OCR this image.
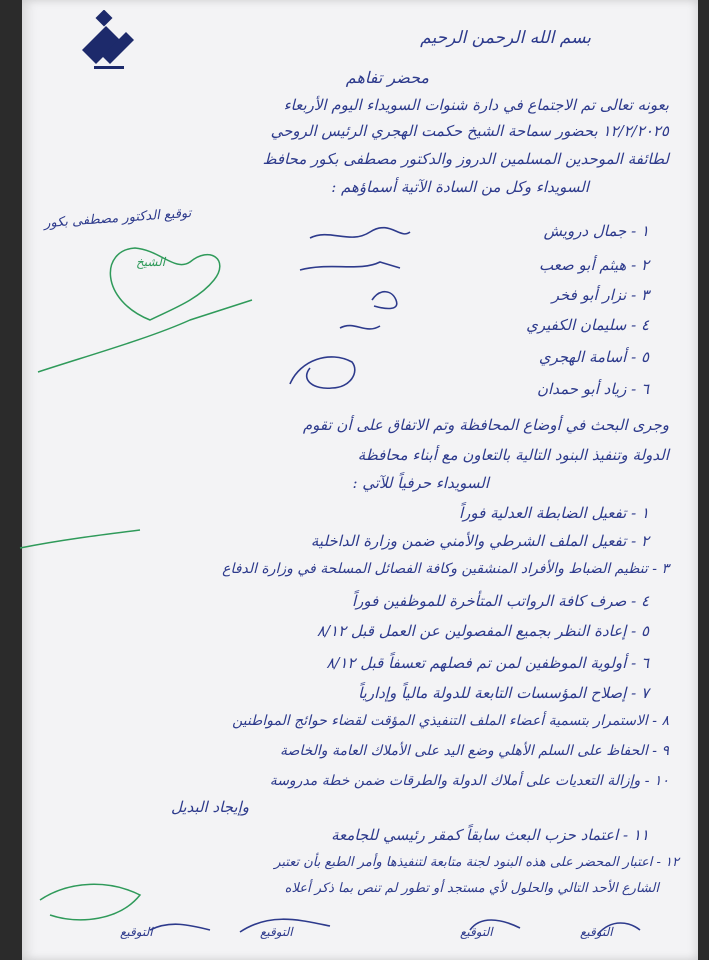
بسم الله الرحمن الرحيم
محضر تفاهم
بعونه تعالى تم الاجتماع في دارة شنوات السويداء اليوم الأربعاء
١٢/٢/٢٠٢٥ بحضور سماحة الشيخ حكمت الهجري الرئيس الروحي
لطائفة الموحدين المسلمين الدروز والدكتور مصطفى بكور محافظ
السويداء وكل من السادة الآتية أسماؤهم :
توقيع الدكتور مصطفى بكور
الشيخ
١ - جمال درويش
٢ - هيثم أبو صعب
٣ - نزار أبو فخر
٤ - سليمان الكفيري
٥ - أسامة الهجري
٦ - زياد أبو حمدان
وجرى البحث في أوضاع المحافظة وتم الاتفاق على أن تقوم
الدولة وتنفيذ البنود التالية بالتعاون مع أبناء محافظة
السويداء حرفياً للآتي :
١ - تفعيل الضابطة العدلية فوراً
٢ - تفعيل الملف الشرطي والأمني ضمن وزارة الداخلية
٣ - تنظيم الضباط والأفراد المنشقين وكافة الفصائل المسلحة في وزارة الدفاع
٤ - صرف كافة الرواتب المتأخرة للموظفين فوراً
٥ - إعادة النظر بجميع المفصولين عن العمل قبل ٨/١٢
٦ - أولوية الموظفين لمن تم فصلهم تعسفاً قبل ٨/١٢
٧ - إصلاح المؤسسات التابعة للدولة مالياً وإدارياً
٨ - الاستمرار بتسمية أعضاء الملف التنفيذي المؤقت لقضاء حوائج المواطنين
٩ - الحفاظ على السلم الأهلي وضع اليد على الأملاك العامة والخاصة
١٠ - وإزالة التعديات على أملاك الدولة والطرقات ضمن خطة مدروسة
وإيجاد البديل
١١ - اعتماد حزب البعث سابقاً كمقر رئيسي للجامعة
١٢ - اعتبار المحضر على هذه البنود لجنة متابعة لتنفيذها وأمر الطبع بأن تعتبر
الشارع الأحد التالي والحلول لأي مستجد أو تطور لم تنص بما ذكر أعلاه
التوقيع
التوقيع
التوقيع
التوقيع
